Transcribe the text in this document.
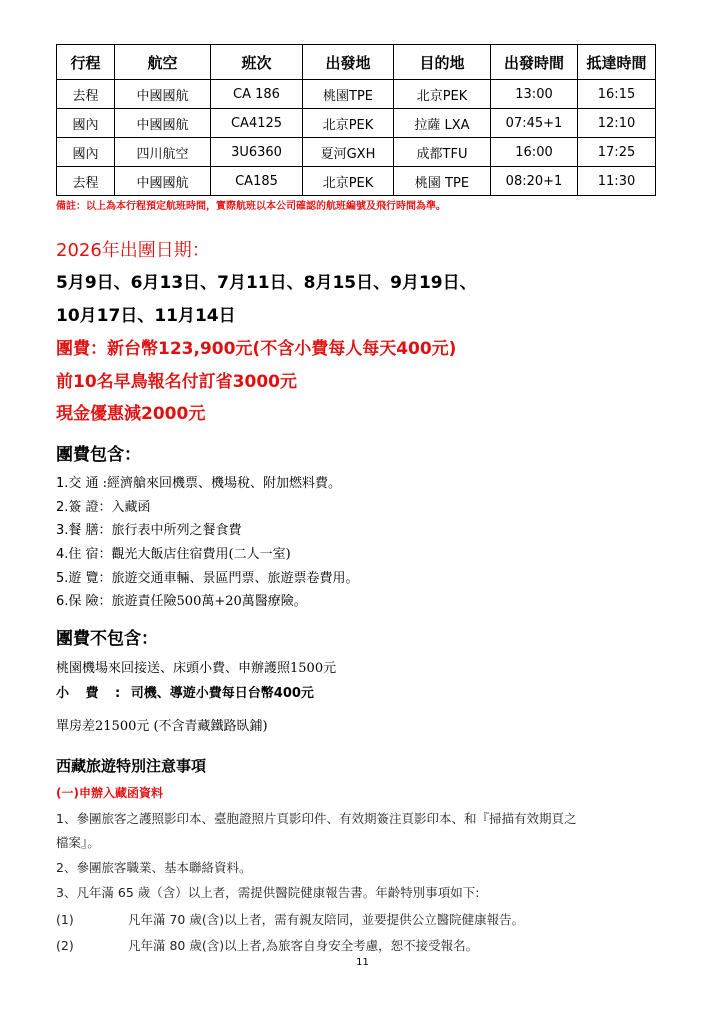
行程	航空	班次	出發地	目的地	出發時間	抵達時間
去程	中國國航	CA 186	桃園TPE	北京PEK	13:00	16:15
國內	中國國航	CA4125	北京PEK	拉薩 LXA	07:45+1	12:10
國內	四川航空	3U6360	夏河GXH	成都TFU	16:00	17:25
去程	中國國航	CA185	北京PEK	桃園 TPE	08:20+1	11:30
備註：以上為本行程預定航班時間，實際航班以本公司確認的航班編號及飛行時間為準。
2026年出團日期：
5月9日、6月13日、7月11日、8月15日、9月19日、
10月17日、11月14日
團費：新台幣123,900元(不含小費每人每天400元)
前10名早鳥報名付訂省3000元
現金優惠減2000元
團費包含：
1.交 通 :經濟艙來回機票、機場稅、附加燃料費。
2.簽 證：入藏函
3.餐 膳：旅行表中所列之餐食費
4.住 宿：觀光大飯店住宿費用(二人一室)
5.遊 覽：旅遊交通車輛、景區門票、旅遊票卷費用。
6.保 險：旅遊責任險500萬+20萬醫療險。
團費不包含：
桃園機場來回接送、床頭小費、申辦護照1500元
小 費 : 司機、導遊小費每日台幣400元
單房差21500元 (不含青藏鐵路臥鋪)
西藏旅遊特別注意事項
(一)申辦入藏函資料
1、參團旅客之護照影印本、臺胞證照片頁影印件、有效期簽注頁影印本、和『掃描有效期頁之
檔案』。
2、參團旅客職業、基本聯絡資料。
3、凡年滿 65 歲（含）以上者，需提供醫院健康報告書。年齡特別事項如下:
(1)	凡年滿 70 歲(含)以上者，需有親友陪同，並要提供公立醫院健康報告。
(2)	凡年滿 80 歲(含)以上者,為旅客自身安全考慮，恕不接受報名。
11
